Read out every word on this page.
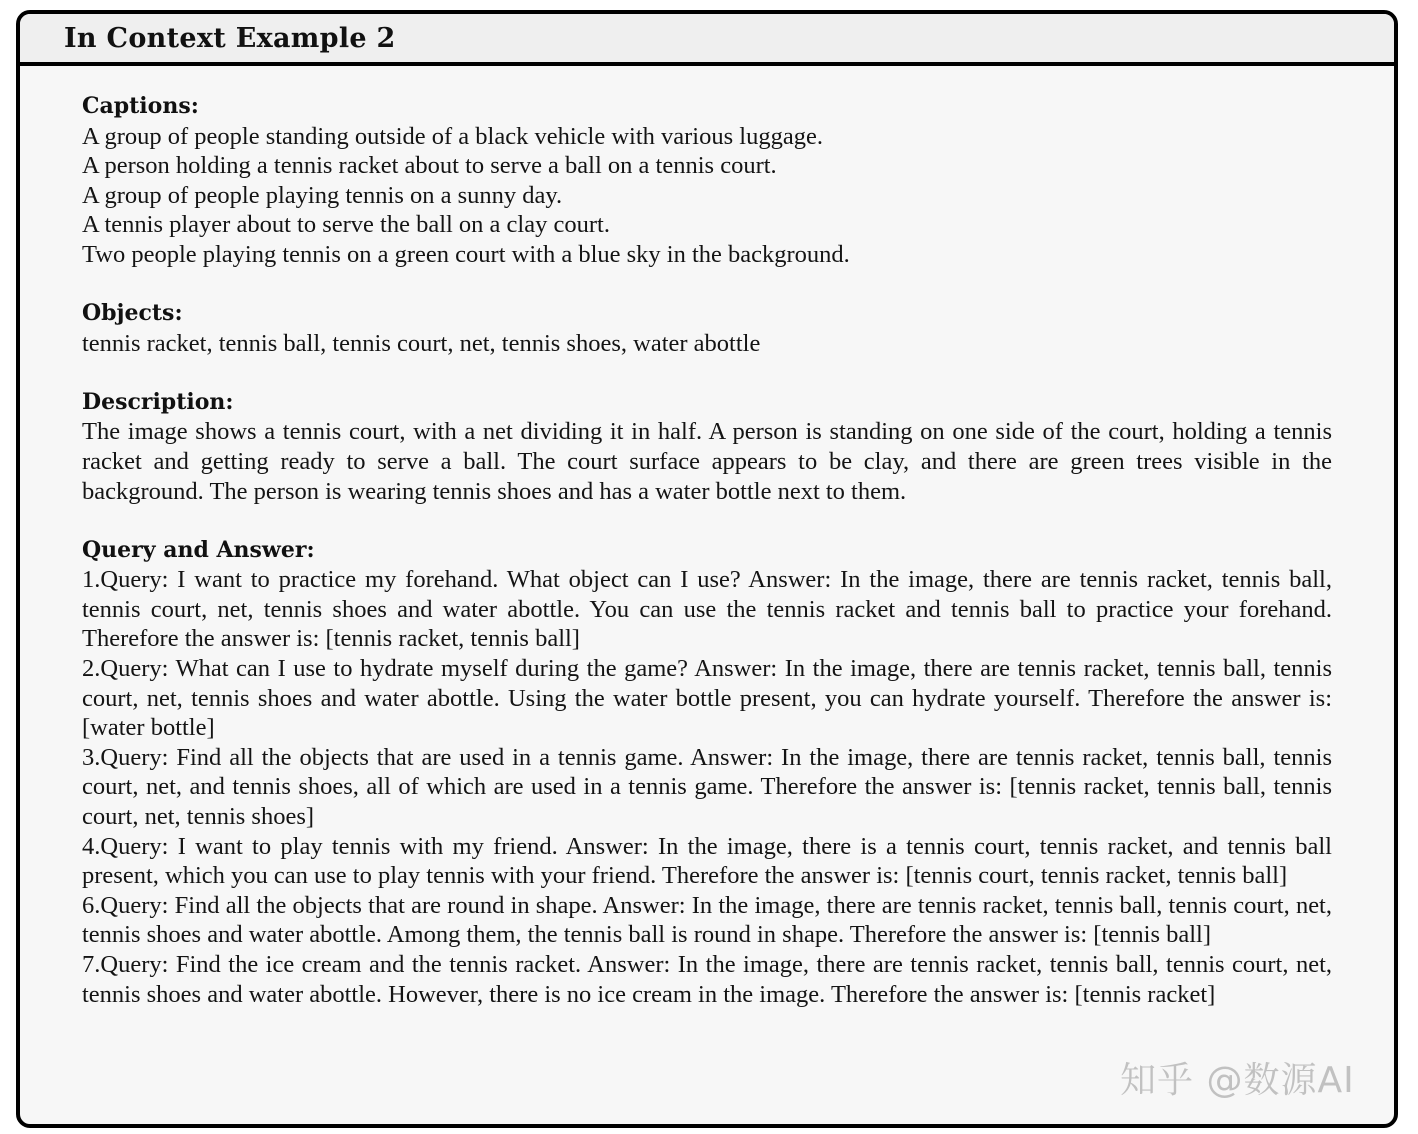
In Context Example 2
Captions:
A group of people standing outside of a black vehicle with various luggage.
A person holding a tennis racket about to serve a ball on a tennis court.
A group of people playing tennis on a sunny day.
A tennis player about to serve the ball on a clay court.
Two people playing tennis on a green court with a blue sky in the background.
Objects:
tennis racket, tennis ball, tennis court, net, tennis shoes, water abottle
Description:
The image shows a tennis court, with a net dividing it in half. A person is standing on one side of the court, holding a tennis racket and getting ready to serve a ball. The court surface appears to be clay, and there are green trees visible in the background. The person is wearing tennis shoes and has a water bottle next to them.
Query and Answer:
1.Query: I want to practice my forehand. What object can I use? Answer: In the image, there are tennis racket, tennis ball, tennis court, net, tennis shoes and water abottle. You can use the tennis racket and tennis ball to practice your forehand. Therefore the answer is: [tennis racket, tennis ball]
2.Query: What can I use to hydrate myself during the game? Answer: In the image, there are tennis racket, tennis ball, tennis court, net, tennis shoes and water abottle. Using the water bottle present, you can hydrate yourself. Therefore the answer is: [water bottle]
3.Query: Find all the objects that are used in a tennis game. Answer: In the image, there are tennis racket, tennis ball, tennis court, net, and tennis shoes, all of which are used in a tennis game. Therefore the answer is: [tennis racket, tennis ball, tennis court, net, tennis shoes]
4.Query: I want to play tennis with my friend. Answer: In the image, there is a tennis court, tennis racket, and tennis ball present, which you can use to play tennis with your friend. Therefore the answer is: [tennis court, tennis racket, tennis ball]
6.Query: Find all the objects that are round in shape. Answer: In the image, there are tennis racket, tennis ball, tennis court, net, tennis shoes and water abottle. Among them, the tennis ball is round in shape. Therefore the answer is: [tennis ball]
7.Query: Find the ice cream and the tennis racket. Answer: In the image, there are tennis racket, tennis ball, tennis court, net, tennis shoes and water abottle. However, there is no ice cream in the image. Therefore the answer is: [tennis racket]
知乎 @数源AI
